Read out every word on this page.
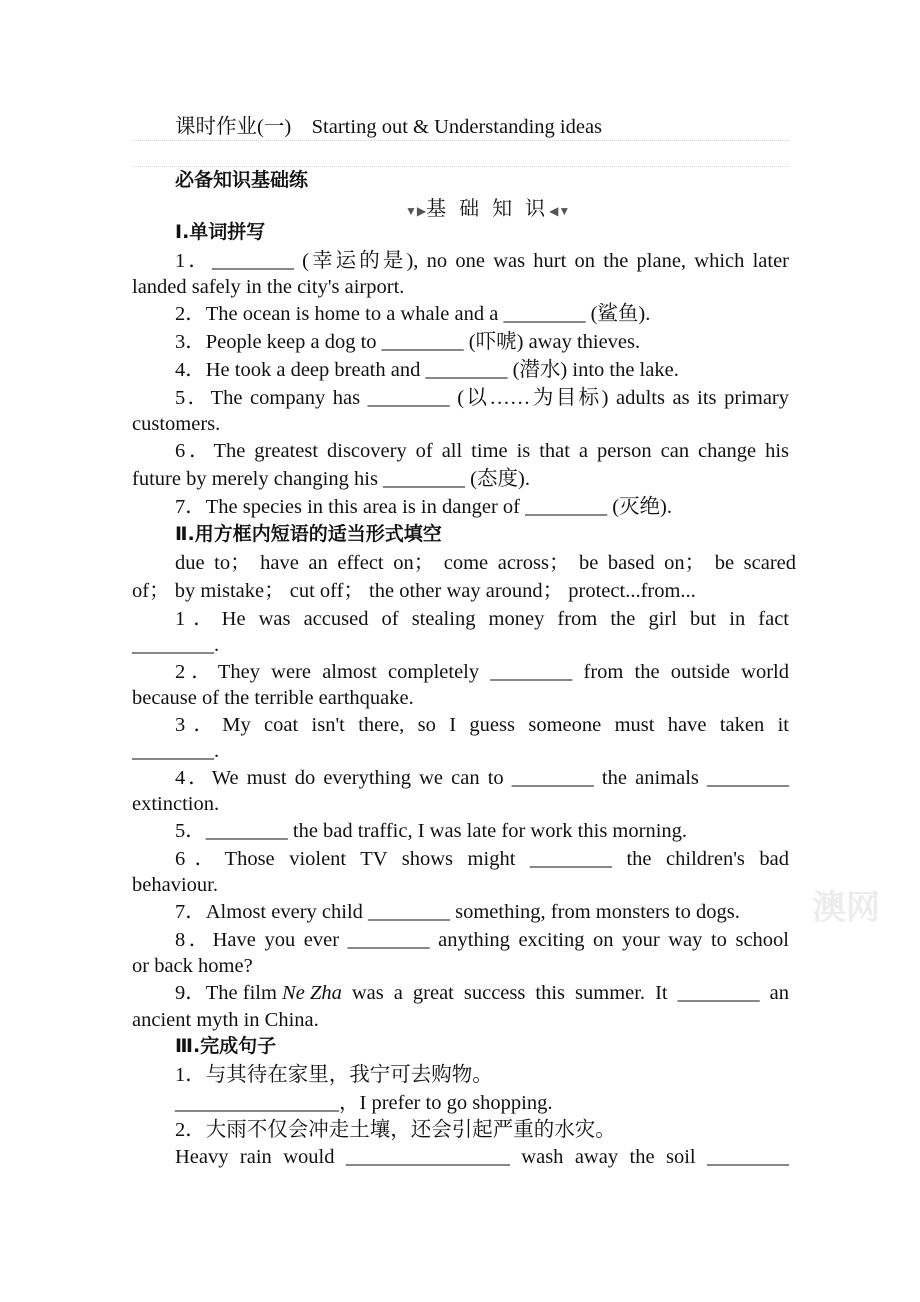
课时作业(一)　Starting out & Understanding ideas
必备知识基础练
▼▶基 础 知 识◀▼
Ⅰ.单词拼写
1．________ (幸运的是), no one was hurt on the plane, which later
landed safely in the city's airport.
2．The ocean is home to a whale and a ________ (鲨鱼).
3．People keep a dog to ________ (吓唬) away thieves.
4．He took a deep breath and ________ (潜水) into the lake.
5．The company has ________ (以……为目标) adults as its primary
customers.
6．The greatest discovery of all time is that a person can change his
future by merely changing his ________ (态度).
7．The species in this area is in danger of ________ (灭绝).
Ⅱ.用方框内短语的适当形式填空
due to； have an effect on； come across； be based on； be scared
of； by mistake； cut off； the other way around； protect...from...
1．He was accused of stealing money from the girl but in fact
________.
2．They were almost completely ________ from the outside world
because of the terrible earthquake.
3．My coat isn't there, so I guess someone must have taken it
________.
4．We must do everything we can to ________ the animals ________
extinction.
5．________ the bad traffic, I was late for work this morning.
6．Those violent TV shows might ________ the children's bad
behaviour.
7．Almost every child ________ something, from monsters to dogs.
8．Have you ever ________ anything exciting on your way to school
or back home?
9．The film Ne Zha was a great success this summer. It ________ an
ancient myth in China.
Ⅲ.完成句子
1．与其待在家里，我宁可去购物。
________________，I prefer to go shopping.
2．大雨不仅会冲走土壤，还会引起严重的水灾。
Heavy rain would ________________ wash away the soil ________
澳网
